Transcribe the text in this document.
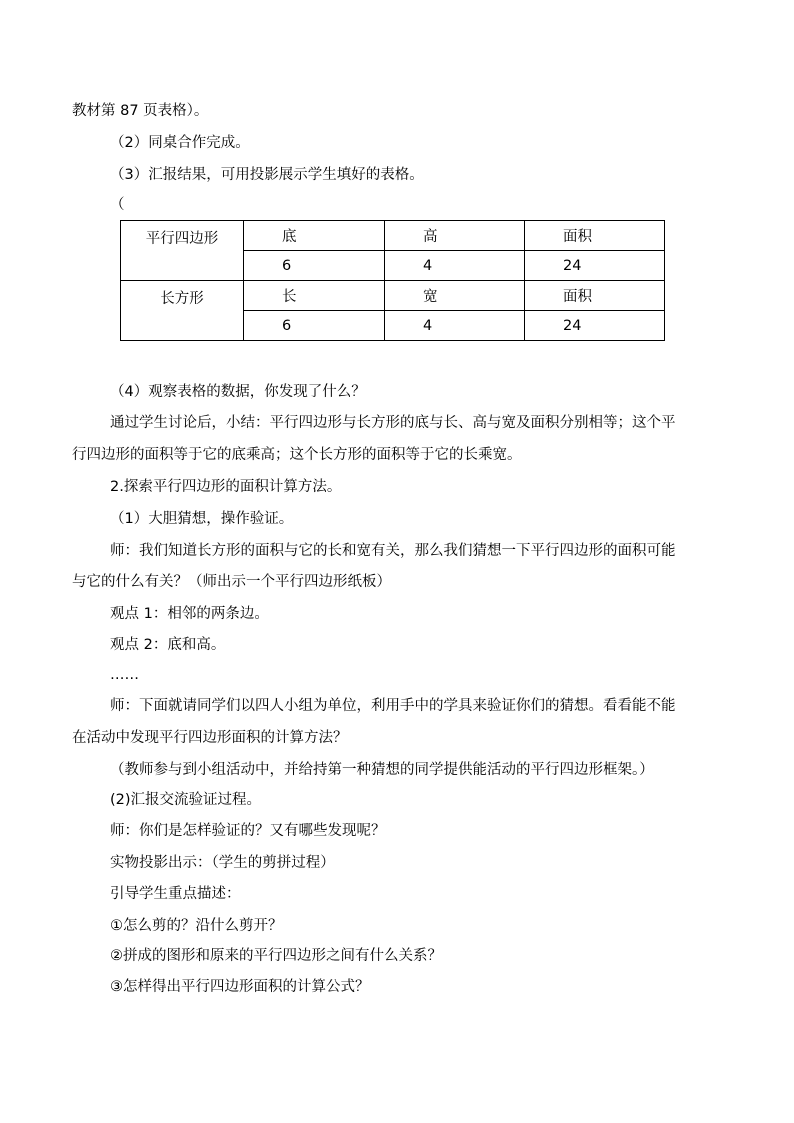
教材第 87 页表格）。
（2）同桌合作完成。
（3）汇报结果，可用投影展示学生填好的表格。
（
平行四边形	底	高	面积
	6	4	24
长方形	长	宽	面积
	6	4	24
（4）观察表格的数据，你发现了什么？
通过学生讨论后，小结：平行四边形与长方形的底与长、高与宽及面积分别相等；这个平
行四边形的面积等于它的底乘高；这个长方形的面积等于它的长乘宽。
2.探索平行四边形的面积计算方法。
（1）大胆猜想，操作验证。
师：我们知道长方形的面积与它的长和宽有关，那么我们猜想一下平行四边形的面积可能
与它的什么有关？（师出示一个平行四边形纸板）
观点 1：相邻的两条边。
观点 2：底和高。
……
师：下面就请同学们以四人小组为单位，利用手中的学具来验证你们的猜想。看看能不能
在活动中发现平行四边形面积的计算方法？
（教师参与到小组活动中，并给持第一种猜想的同学提供能活动的平行四边形框架。）
(2)汇报交流验证过程。
师：你们是怎样验证的？又有哪些发现呢？
实物投影出示：（学生的剪拼过程）
引导学生重点描述：
①怎么剪的？沿什么剪开？
②拼成的图形和原来的平行四边形之间有什么关系？
③怎样得出平行四边形面积的计算公式？
